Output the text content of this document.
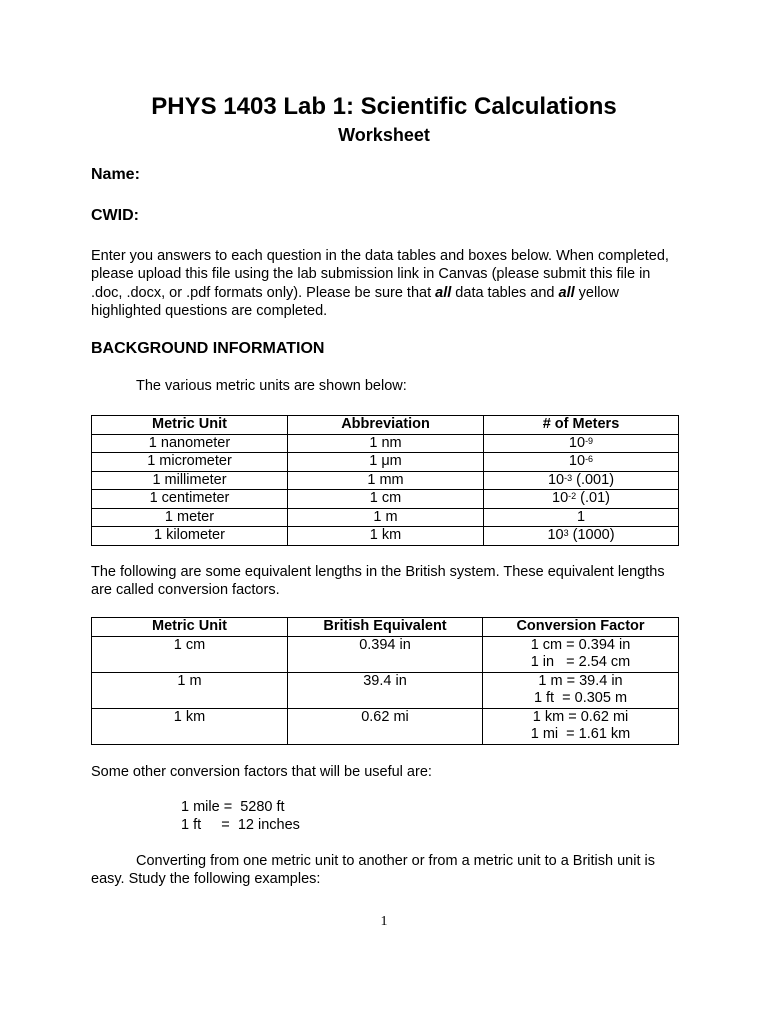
PHYS 1403 Lab 1: Scientific Calculations
Worksheet
Name:
CWID:

Enter you answers to each question in the data tables and boxes below. When completed, please upload this file using the lab submission link in Canvas (please submit this file in .doc, .docx, or .pdf formats only). Please be sure that all data tables and all yellow highlighted questions are completed.

BACKGROUND INFORMATION
The various metric units are shown below:
Metric Unit	Abbreviation	# of Meters
1 nanometer	1 nm	$10^{-9}$
1 micrometer	1 μm	$10^{-6}$
1 millimeter	1 mm	$10^{-3}$ (.001)
1 centimeter	1 cm	$10^{-2}$ (.01)
1 meter	1 m	1
1 kilometer	1 km	$10^3$ (1000)

The following are some equivalent lengths in the British system. These equivalent lengths are called conversion factors.

Metric Unit	British Equivalent	Conversion Factor
1 cm	0.394 in	1 cm = 0.394 in
1 in   = 2.54 cm

1 m	39.4 in	1 m = 39.4 in
1 ft  = 0.305 m

1 km	0.62 mi	1 km = 0.62 mi
1 mi  = 1.61 km
Some other conversion factors that will be useful are:
1 mile =  5280 ft
1 ft     =  12 inches

Converting from one metric unit to another or from a metric unit to a British unit is easy. Study the following examples:

1
